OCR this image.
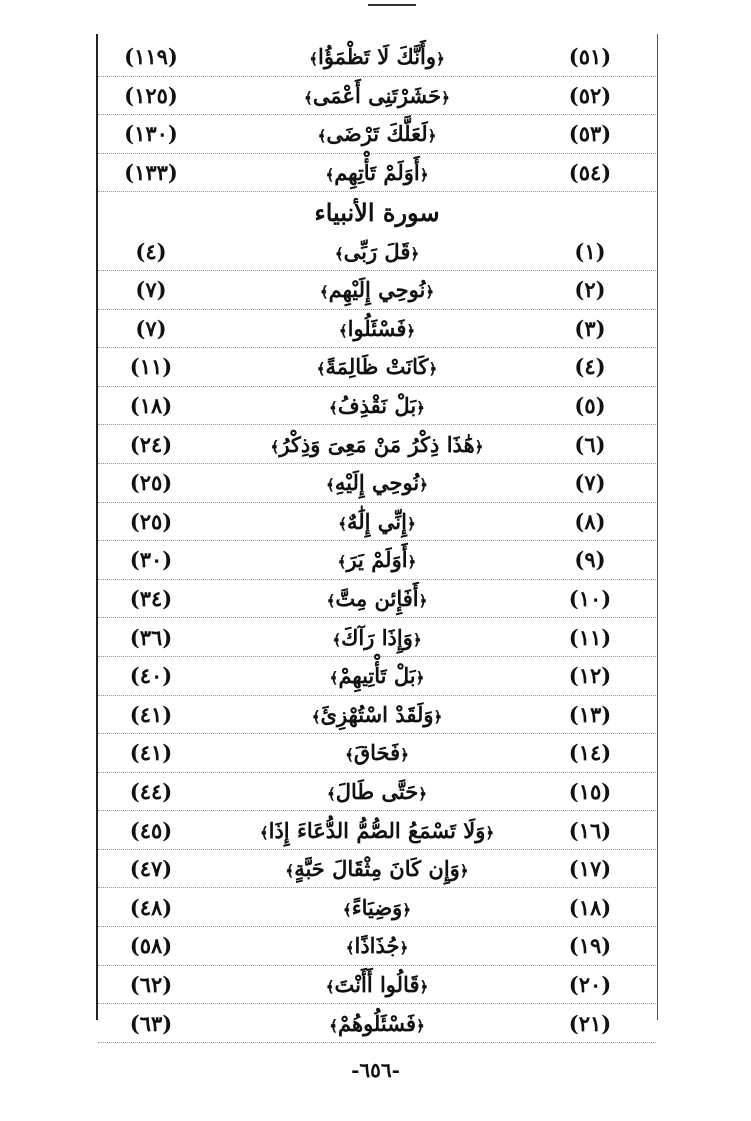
(٥١)
﴿وأَنَّكَ لَا تَظْمَؤُا﴾
(١١٩)
(٥٢)
﴿حَشَرْتَنِى أَعْمَى﴾
(١٢٥)
(٥٣)
﴿لَعَلَّكَ تَرْضَى﴾
(١٣٠)
(٥٤)
﴿أَوَلَمْ تَأْتِهِم﴾
(١٣٣)
سورة الأنبياء
(١)
﴿قَلَ رَبِّى﴾
(٤)
(٢)
﴿نُوحِي إِلَيْهِم﴾
(٧)
(٣)
﴿فَسْئَلُوا﴾
(٧)
(٤)
﴿كَانَتْ ظَالِمَةً﴾
(١١)
(٥)
﴿بَلْ نَقْذِفُ﴾
(١٨)
(٦)
﴿هَٰذَا ذِكْرُ مَنْ مَعِىَ وَذِكْرُ﴾
(٢٤)
(٧)
﴿نُوحِي إِلَيْهِ﴾
(٢٥)
(٨)
﴿إِنِّي إِلَٰهٌ﴾
(٢٥)
(٩)
﴿أَوَلَمْ يَرَ﴾
(٣٠)
(١٠)
﴿أَفَإِئن مِتَّ﴾
(٣٤)
(١١)
﴿وَإِذَا رَآكَ﴾
(٣٦)
(١٢)
﴿بَلْ تَأْتِيهِمْ﴾
(٤٠)
(١٣)
﴿وَلَقَدْ اسْتُهْزِئَ﴾
(٤١)
(١٤)
﴿فَحَاقَ﴾
(٤١)
(١٥)
﴿حَتَّى طَالَ﴾
(٤٤)
(١٦)
﴿وَلَا تَسْمَعُ الصُّمُّ الدُّعَاءَ إِذَا﴾
(٤٥)
(١٧)
﴿وَإِن كَانَ مِثْقَالَ حَبَّةٍ﴾
(٤٧)
(١٨)
﴿وَضِيَاءً﴾
(٤٨)
(١٩)
﴿جُذَاذًا﴾
(٥٨)
(٢٠)
﴿قَالُوا أَأَنْتَ﴾
(٦٢)
(٢١)
﴿فَسْئَلُوهُمْ﴾
(٦٣)
-٦٥٦-
